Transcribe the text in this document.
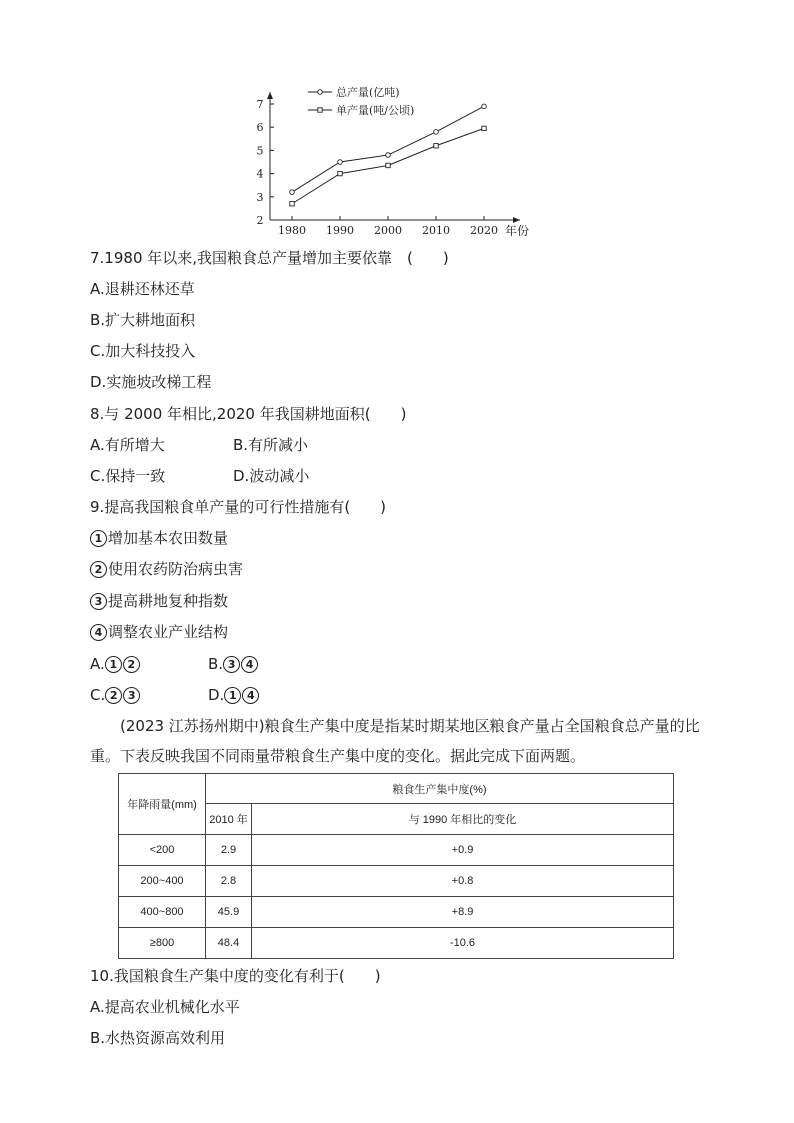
2
3
4
5
6
7
1980 1990 2000 2010 2020 年份
总产量(亿吨)
单产量(吨/公顷)
7.1980 年以来,我国粮食总产量增加主要依靠　(　　)
A.退耕还林还草
B.扩大耕地面积
C.加大科技投入
D.实施坡改梯工程
8.与 2000 年相比,2020 年我国耕地面积(　　)
A.有所增大	B.有所减小
C.保持一致	D.波动减小
9.提高我国粮食单产量的可行性措施有(　　)
1 增加基本农田数量
2 使用农药防治病虫害
3 提高耕地复种指数
4 调整农业产业结构
A. 1 2	B. 3 4
C. 2 3	D. 1 4
(2023 江苏扬州期中)粮食生产集中度是指某时期某地区粮食产量占全国粮食总产量的比重。下表反映我国不同雨量带粮食生产集中度的变化。据此完成下面两题。
年降雨量(mm)	粮食生产集中度(%)	
	2010 年	与 1990 年相比的变化
<200	2.9	+0.9
200~400	2.8	+0.8
400~800	45.9	+8.9
≥800	48.4	-10.6
10.我国粮食生产集中度的变化有利于(　　)
A.提高农业机械化水平
B.水热资源高效利用
